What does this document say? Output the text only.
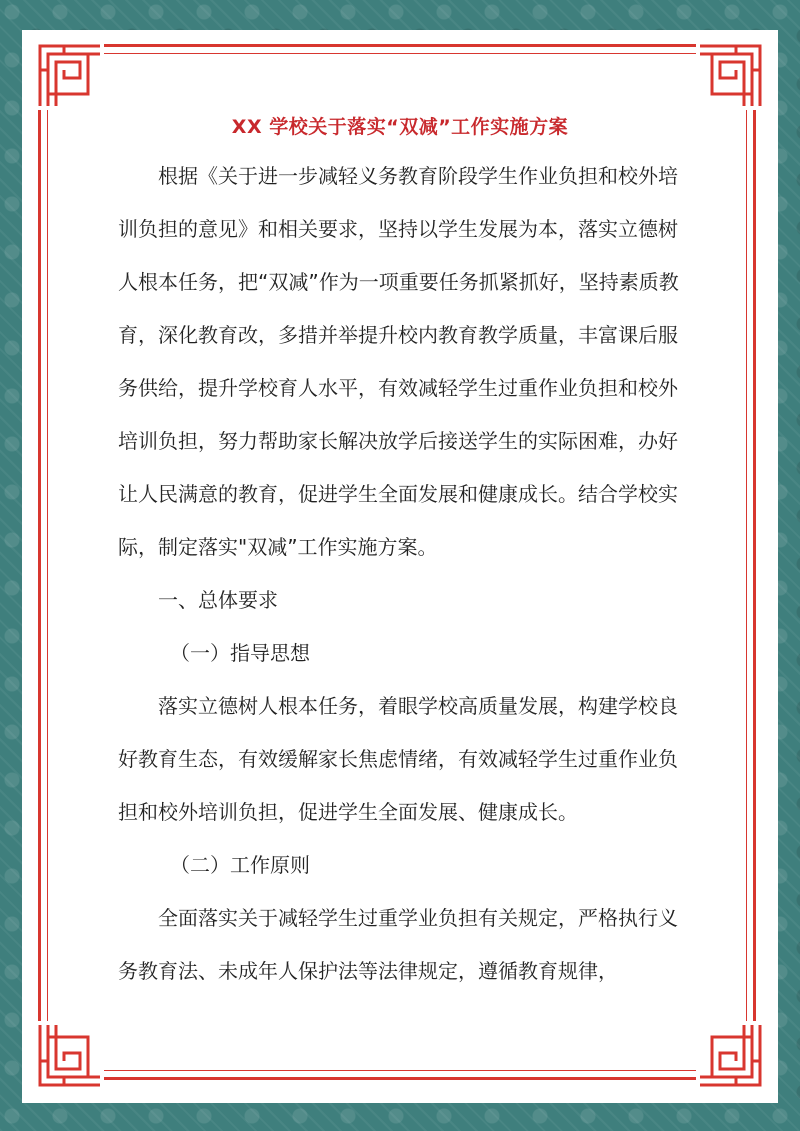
XX 学校关于落实“双减”工作实施方案

根据《关于进一步减轻义务教育阶段学生作业负担和校外培训负担的意见》和相关要求，坚持以学生发展为本，落实立德树人根本任务，把“双减”作为一项重要任务抓紧抓好，坚持素质教育，深化教育改，多措并举提升校内教育教学质量，丰富课后服务供给，提升学校育人水平，有效减轻学生过重作业负担和校外培训负担，努力帮助家长解决放学后接送学生的实际困难，办好让人民满意的教育，促进学生全面发展和健康成长。结合学校实际，制定落实"双减”工作实施方案。

一、总体要求

（一）指导思想

落实立德树人根本任务，着眼学校高质量发展，构建学校良好教育生态，有效缓解家长焦虑情绪，有效减轻学生过重作业负担和校外培训负担，促进学生全面发展、健康成长。

（二）工作原则

全面落实关于减轻学生过重学业负担有关规定，严格执行义务教育法、未成年人保护法等法律规定，遵循教育规律，
